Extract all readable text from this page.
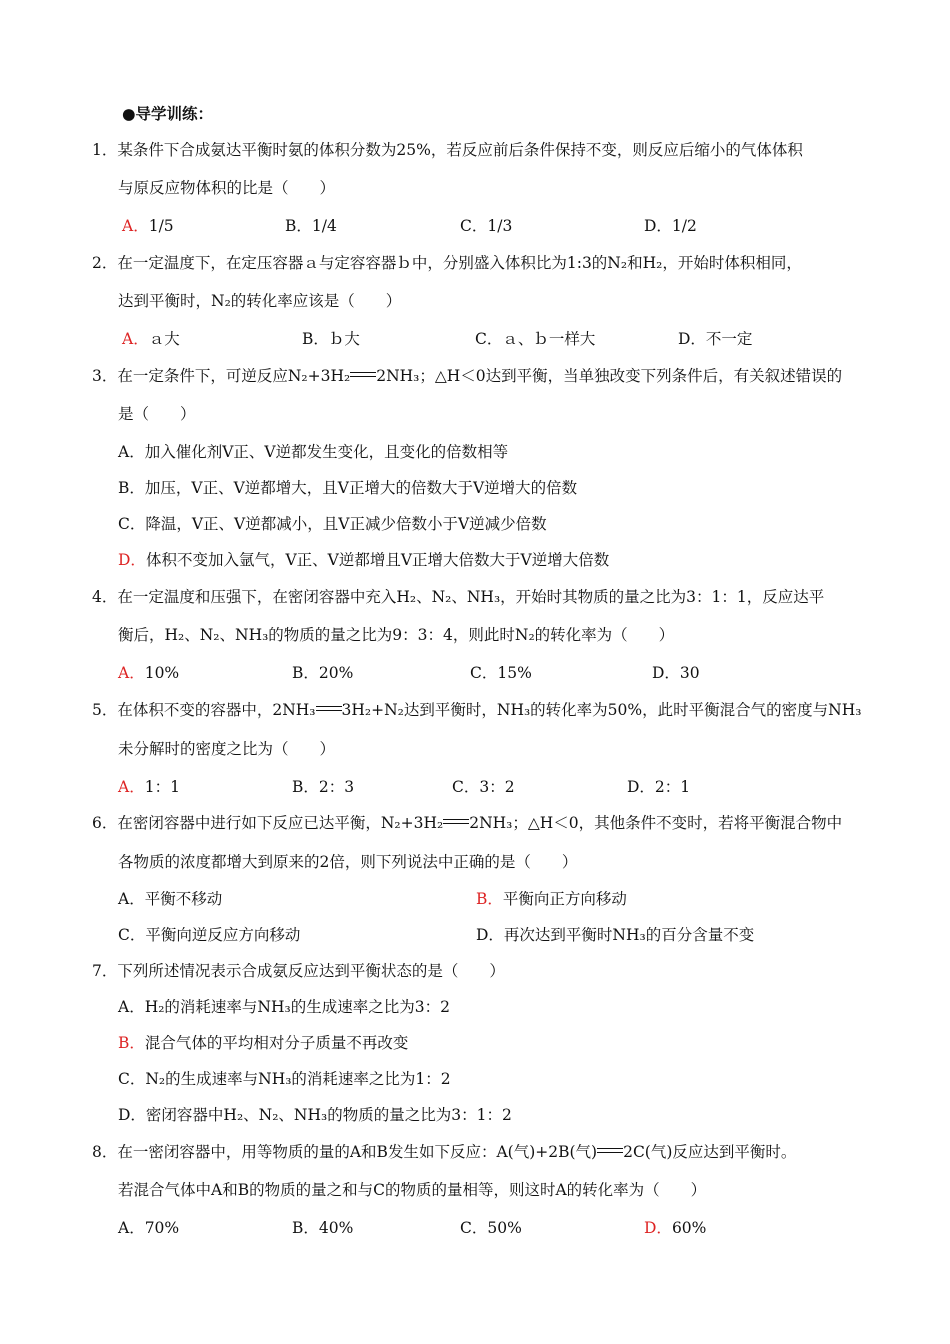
●导学训练：
1．某条件下合成氨达平衡时氨的体积分数为25%，若反应前后条件保持不变，则反应后缩小的气体体积
与原反应物体积的比是（　　）
A．1/5	B．1/4	C．1/3	D．1/2
2．在一定温度下，在定压容器ａ与定容容器ｂ中，分别盛入体积比为1:3的N₂和H₂，开始时体积相同，
达到平衡时，N₂的转化率应该是（　　）
A．ａ大	B．ｂ大	C．ａ、ｂ一样大	D．不一定
3．在一定条件下，可逆反应N₂+3H₂ 2NH₃；△H＜0达到平衡，当单独改变下列条件后，有关叙述错误的
是（　　）
A．加入催化剂V正、V逆都发生变化，且变化的倍数相等
B．加压，V正、V逆都增大，且V正增大的倍数大于V逆增大的倍数
C．降温，V正、V逆都减小，且V正减少倍数小于V逆减少倍数
D．体积不变加入氩气，V正、V逆都增且V正增大倍数大于V逆增大倍数
4．在一定温度和压强下，在密闭容器中充入H₂、N₂、NH₃，开始时其物质的量之比为3：1：1，反应达平
衡后，H₂、N₂、NH₃的物质的量之比为9：3：4，则此时N₂的转化率为（　　）
A．10%	B．20%	C．15%	D．30
5．在体积不变的容器中，2NH₃ 3H₂+N₂达到平衡时，NH₃的转化率为50%，此时平衡混合气的密度与NH₃
未分解时的密度之比为（　　）
A．1：1	B．2：3	C．3：2	D．2：1
6．在密闭容器中进行如下反应已达平衡，N₂+3H₂ 2NH₃；△H＜0，其他条件不变时，若将平衡混合物中
各物质的浓度都增大到原来的2倍，则下列说法中正确的是（　　）
A．平衡不移动	B．平衡向正方向移动
C．平衡向逆反应方向移动	D．再次达到平衡时NH₃的百分含量不变
7．下列所述情况表示合成氨反应达到平衡状态的是（　　）
A．H₂的消耗速率与NH₃的生成速率之比为3：2
B．混合气体的平均相对分子质量不再改变
C．N₂的生成速率与NH₃的消耗速率之比为1：2
D．密闭容器中H₂、N₂、NH₃的物质的量之比为3：1：2
8．在一密闭容器中，用等物质的量的A和B发生如下反应：A(气)+2B(气) 2C(气)反应达到平衡时。
若混合气体中A和B的物质的量之和与C的物质的量相等，则这时A的转化率为（　　）
A．70%	B．40%	C．50%	D．60%
